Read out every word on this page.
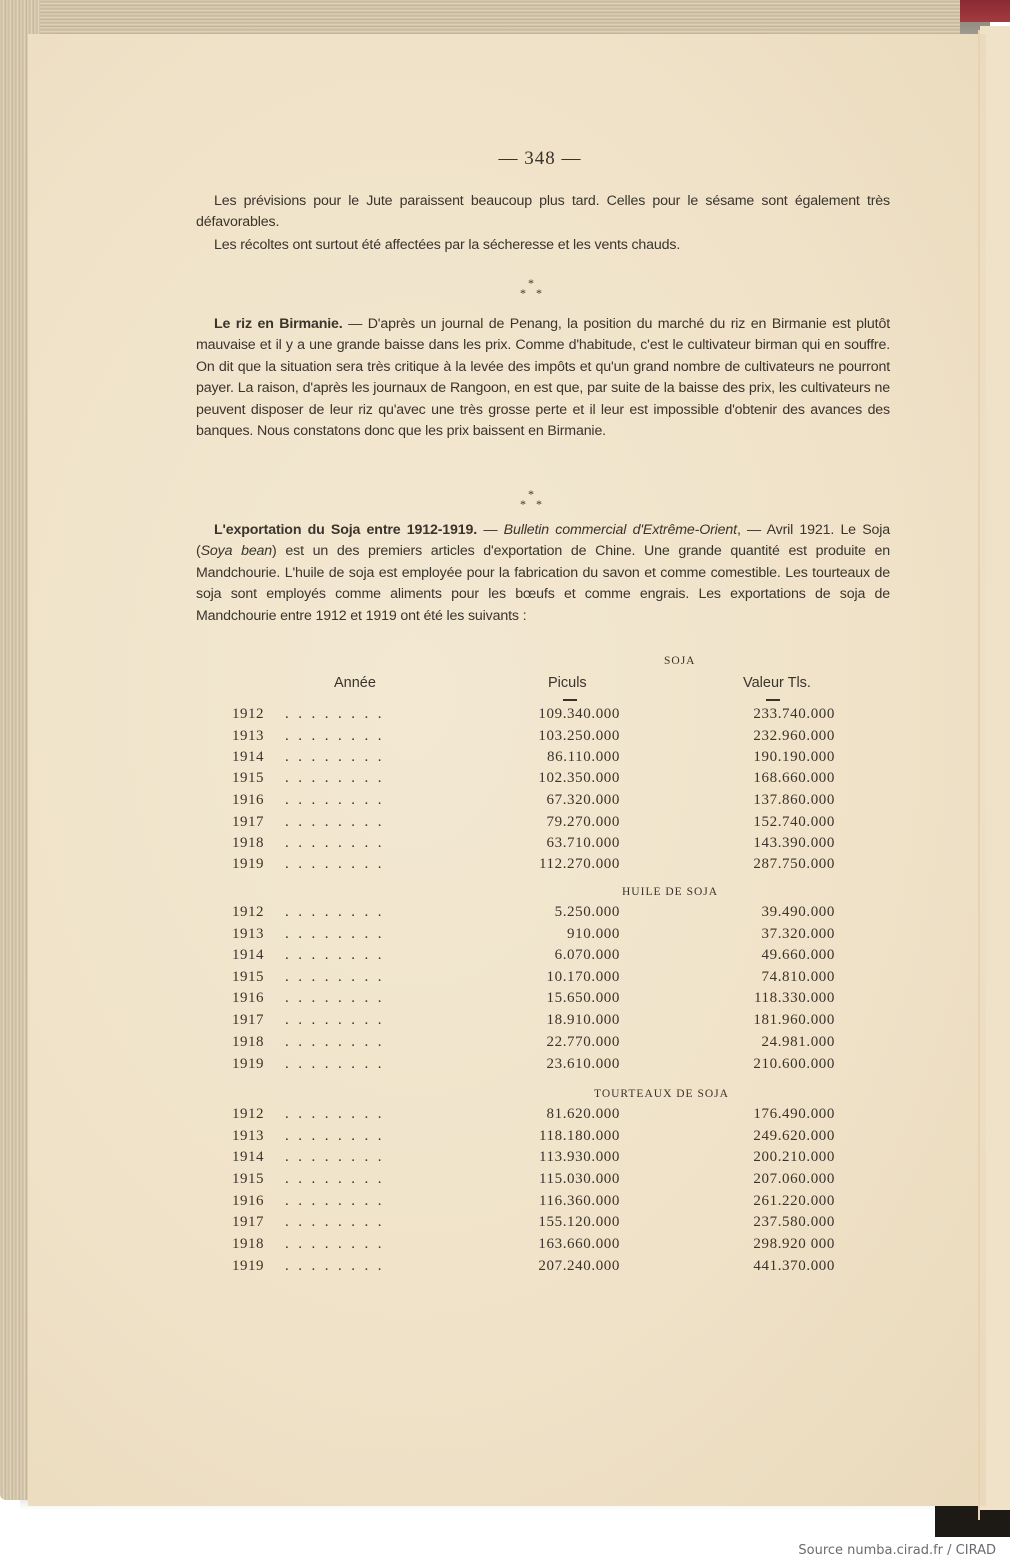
— 348 —
Les prévisions pour le Jute paraissent beaucoup plus tard. Celles pour le sésame sont également très défavorables.
Les récoltes ont surtout été affectées par la sécheresse et les vents chauds.
*
* *
Le riz en Birmanie. — D'après un journal de Penang, la position du marché du riz en Birmanie est plutôt mauvaise et il y a une grande baisse dans les prix. Comme d'habitude, c'est le cultivateur birman qui en souffre. On dit que la situation sera très critique à la levée des impôts et qu'un grand nombre de cultivateurs ne pourront payer. La raison, d'après les journaux de Rangoon, en est que, par suite de la baisse des prix, les cultivateurs ne peuvent disposer de leur riz qu'avec une très grosse perte et il leur est impossible d'obtenir des avances des banques. Nous constatons donc que les prix baissent en Birmanie.
*
* *
L'exportation du Soja entre 1912-1919. — Bulletin commercial d'Extrême-Orient, — Avril 1921. Le Soja (Soya bean) est un des premiers articles d'exportation de Chine. Une grande quantité est produite en Mandchourie. L'huile de soja est employée pour la fabrication du savon et comme comestible. Les tourteaux de soja sont employés comme aliments pour les bœufs et comme engrais. Les exportations de soja de Mandchourie entre 1912 et 1919 ont été les suivants :
SOJA
Année	Piculs	Valeur Tls.
1912 ........	109.340.000	233.740.000
1913 ........	103.250.000	232.960.000
1914 ........	86.110.000	190.190.000
1915 ........	102.350.000	168.660.000
1916 ........	67.320.000	137.860.000
1917 ........	79.270.000	152.740.000
1918 ........	63.710.000	143.390.000
1919 ........	112.270.000	287.750.000
HUILE DE SOJA
1912 ........	5.250.000	39.490.000
1913 ........	910.000	37.320.000
1914 ........	6.070.000	49.660.000
1915 ........	10.170.000	74.810.000
1916 ........	15.650.000	118.330.000
1917 ........	18.910.000	181.960.000
1918 ........	22.770.000	24.981.000
1919 ........	23.610.000	210.600.000
TOURTEAUX DE SOJA
1912 ........	81.620.000	176.490.000
1913 ........	118.180.000	249.620.000
1914 ........	113.930.000	200.210.000
1915 ........	115.030.000	207.060.000
1916 ........	116.360.000	261.220.000
1917 ........	155.120.000	237.580.000
1918 ........	163.660.000	298.920 000
1919 ........	207.240.000	441.370.000
Source numba.cirad.fr / CIRAD
